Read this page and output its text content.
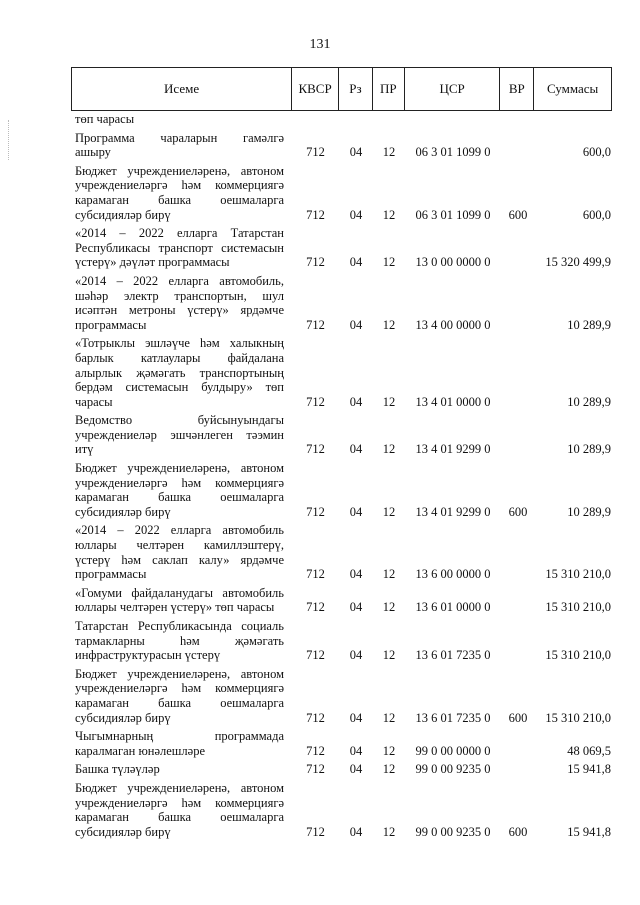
131
Исеме	КВСР	Рз	ПР	ЦСР	ВР	Суммасы
төп чарасы
Программа чараларын гамәлгә
ашыру	712	04	12	06 3 01 1099 0	600,0
Бюджет учреждениеләренә, автоном
учреждениеләргә һәм коммерциягә
карамаган башка оешмаларга
субсидияләр бирү	712	04	12	06 3 01 1099 0	600	600,0
«2014 – 2022 елларга Татарстан
Республикасы транспорт системасын
үстерү» дәүләт программасы	712	04	12	13 0 00 0000 0	15 320 499,9
«2014 – 2022 елларга автомобиль,
шәһәр электр транспортын, шул
исәптән метроны үстерү» ярдәмче
программасы	712	04	12	13 4 00 0000 0	10 289,9
«Тотрыклы эшләүче һәм халыкның
барлык катлаулары файдалана
алырлык җәмәгать транспортының
бердәм системасын булдыру» төп
чарасы	712	04	12	13 4 01 0000 0	10 289,9
Ведомство буйсынуындагы
учреждениеләр эшчәнлеген тәэмин
итү	712	04	12	13 4 01 9299 0	10 289,9
Бюджет учреждениеләренә, автоном
учреждениеләргә һәм коммерциягә
карамаган башка оешмаларга
субсидияләр бирү	712	04	12	13 4 01 9299 0	600	10 289,9
«2014 – 2022 елларга автомобиль
юллары челтәрен камиллэштерү,
үстерү һәм саклап калу» ярдәмче
программасы	712	04	12	13 6 00 0000 0	15 310 210,0
«Гомуми файдаланудагы автомобиль
юллары челтәрен үстерү» төп чарасы	712	04	12	13 6 01 0000 0	15 310 210,0
Татарстан Республикасында социаль
тармакларны һәм җәмәгать
инфраструктурасын үстерү	712	04	12	13 6 01 7235 0	15 310 210,0
Бюджет учреждениеләренә, автоном
учреждениеләргә һәм коммерциягә
карамаган башка оешмаларга
субсидияләр бирү	712	04	12	13 6 01 7235 0	600	15 310 210,0
Чыгымнарның программада
каралмаган юнәлешләре	712	04	12	99 0 00 0000 0	48 069,5
Башка түләүләр	712	04	12	99 0 00 9235 0	15 941,8
Бюджет учреждениеләренә, автоном
учреждениеләргә һәм коммерциягә
карамаган башка оешмаларга
субсидияләр бирү	712	04	12	99 0 00 9235 0	600	15 941,8
